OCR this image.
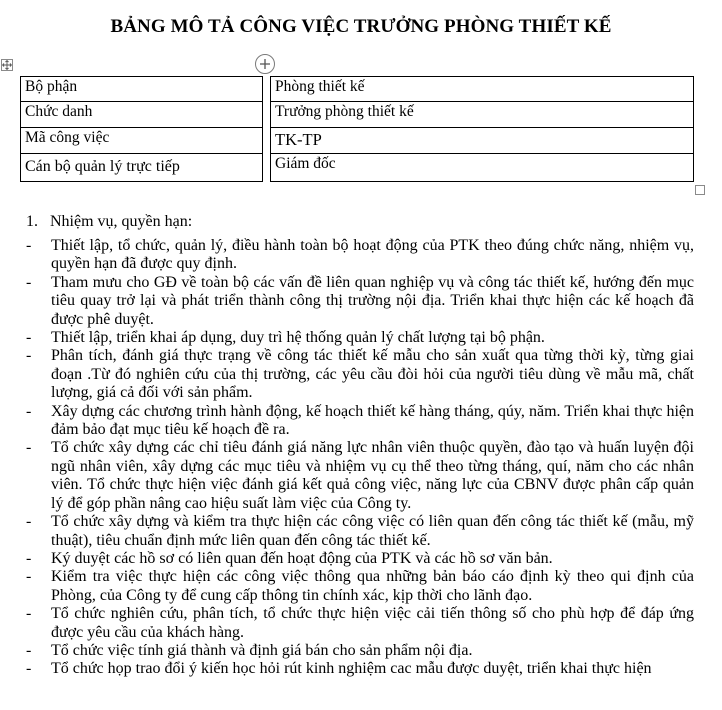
BẢNG MÔ TẢ CÔNG VIỆC TRƯỞNG PHÒNG THIẾT KẾ
Bộ phận	Phòng thiết kế
Chức danh	Trưởng phòng thiết kế
Mã công việc	TK-TP
Cán bộ quản lý trực tiếp	Giám đốc
1. Nhiệm vụ, quyền hạn:
- Thiết lập, tổ chức, quản lý, điều hành toàn bộ hoạt động của PTK theo đúng chức năng, nhiệm vụ, quyền hạn đã được quy định.
- Tham mưu cho GĐ về toàn bộ các vấn đề liên quan nghiệp vụ và công tác thiết kế, hướng đến mục tiêu quay trở lại và phát triển thành công thị trường nội địa. Triển khai thực hiện các kế hoạch đã được phê duyệt.
- Thiết lập, triển khai áp dụng, duy trì hệ thống quản lý chất lượng tại bộ phận.
- Phân tích, đánh giá thực trạng về công tác thiết kế mẫu cho sản xuất qua từng thời kỳ, từng giai đoạn .Từ đó nghiên cứu của thị trường, các yêu cầu đòi hỏi của người tiêu dùng về mẫu mã, chất lượng, giá cả đối với sản phẩm.
- Xây dựng các chương trình hành động, kế hoạch thiết kế hàng tháng, qúy, năm. Triển khai thực hiện đảm bảo đạt mục tiêu kế hoạch đề ra.
- Tổ chức xây dựng các chỉ tiêu đánh giá năng lực nhân viên thuộc quyền, đào tạo và huấn luyện đội ngũ nhân viên, xây dựng các mục tiêu và nhiệm vụ cụ thể theo từng tháng, quí, năm cho các nhân viên. Tổ chức thực hiện việc đánh giá kết quả công việc, năng lực của CBNV được phân cấp quản lý để góp phần nâng cao hiệu suất làm việc của Công ty.
- Tổ chức xây dựng và kiểm tra thực hiện các công việc có liên quan đến công tác thiết kế (mẫu, mỹ thuật), tiêu chuẩn định mức liên quan đến công tác thiết kế.
- Ký duyệt các hồ sơ có liên quan đến hoạt động của PTK và các hồ sơ văn bản.
- Kiểm tra việc thực hiện các công việc thông qua những bản báo cáo định kỳ theo qui định của Phòng, của Công ty để cung cấp thông tin chính xác, kịp thời cho lãnh đạo.
- Tổ chức nghiên cứu, phân tích, tổ chức thực hiện việc cải tiến thông số cho phù hợp để đáp ứng được yêu cầu của khách hàng.
- Tổ chức việc tính giá thành và định giá bán cho sản phẩm nội địa.
- Tổ chức họp trao đổi ý kiến học hỏi rút kinh nghiệm cac mẫu được duyệt, triển khai thực hiện
